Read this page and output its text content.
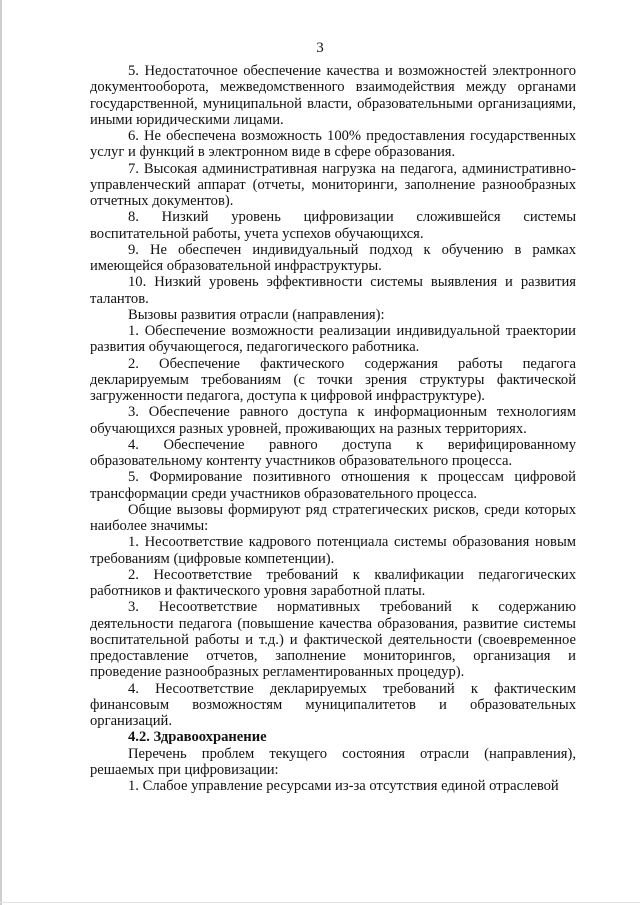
3

5. Недостаточное обеспечение качества и возможностей электронного документооборота, межведомственного взаимодействия между органами государственной, муниципальной власти, образовательными организациями, иными юридическими лицами.

6. Не обеспечена возможность 100% предоставления государственных услуг и функций в электронном виде в сфере образования.

7. Высокая административная нагрузка на педагога, административно-управленческий аппарат (отчеты, мониторинги, заполнение разнообразных отчетных документов).

8. Низкий уровень цифровизации сложившейся системы воспитательной работы, учета успехов обучающихся.

9. Не обеспечен индивидуальный подход к обучению в рамках имеющейся образовательной инфраструктуры.

10. Низкий уровень эффективности системы выявления и развития талантов.

Вызовы развития отрасли (направления):

1. Обеспечение возможности реализации индивидуальной траектории развития обучающегося, педагогического работника.

2. Обеспечение фактического содержания работы педагога декларируемым требованиям (с точки зрения структуры фактической загруженности педагога, доступа к цифровой инфраструктуре).

3. Обеспечение равного доступа к информационным технологиям обучающихся разных уровней, проживающих на разных территориях.

4. Обеспечение равного доступа к верифицированному образовательному контенту участников образовательного процесса.

5. Формирование позитивного отношения к процессам цифровой трансформации среди участников образовательного процесса.

Общие вызовы формируют ряд стратегических рисков, среди которых наиболее значимы:

1. Несоответствие кадрового потенциала системы образования новым требованиям (цифровые компетенции).

2. Несоответствие требований к квалификации педагогических работников и фактического уровня заработной платы.

3. Несоответствие нормативных требований к содержанию деятельности педагога (повышение качества образования, развитие системы воспитательной работы и т.д.) и фактической деятельности (своевременное предоставление отчетов, заполнение мониторингов, организация и проведение разнообразных регламентированных процедур).

4. Несоответствие декларируемых требований к фактическим финансовым возможностям муниципалитетов и образовательных организаций.

4.2. Здравоохранение

Перечень проблем текущего состояния отрасли (направления), решаемых при цифровизации:

1. Слабое управление ресурсами из-за отсутствия единой отраслевой
